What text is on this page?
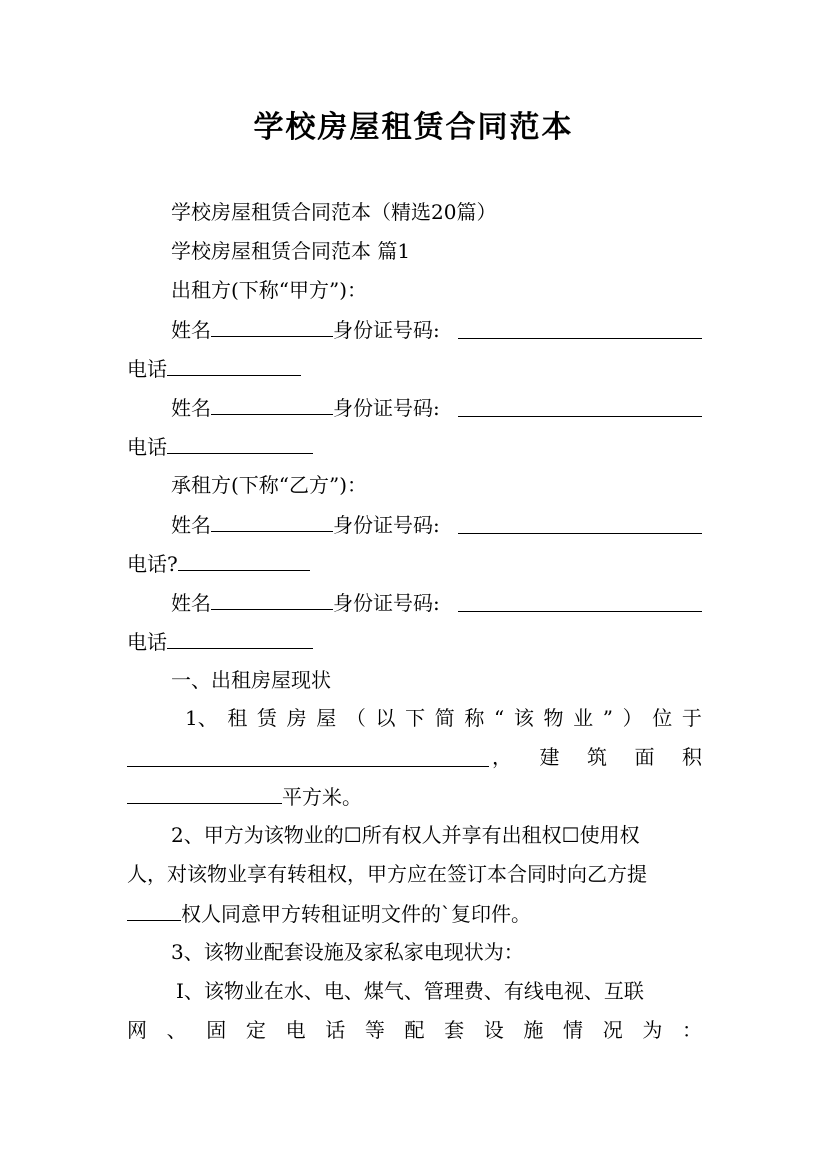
学校房屋租赁合同范本
学校房屋租赁合同范本（精选20篇）
学校房屋租赁合同范本 篇1
出租方(下称“甲方”)：
姓名	身份证号码:
电话
姓名	身份证号码:
电话
承租方(下称“乙方”)：
姓名	身份证号码:
电话?
姓名	身份证号码:
电话
一、出租房屋现状
1、 租 赁 房 屋 （ 以 下 简 称 “ 该 物 业 ” ） 位 于
， 建 筑 面 积
平方米。
2、甲方为该物业的☐所有权人并享有出租权☐使用权
人，对该物业享有转租权，甲方应在签订本合同时向乙方提
权人同意甲方转租证明文件的`复印件。
3、该物业配套设施及家私家电现状为：
Ⅰ、该物业在水、电、煤气、管理费、有线电视、互联
网 、 固 定 电 话 等 配 套 设 施 情 况 为 ：
